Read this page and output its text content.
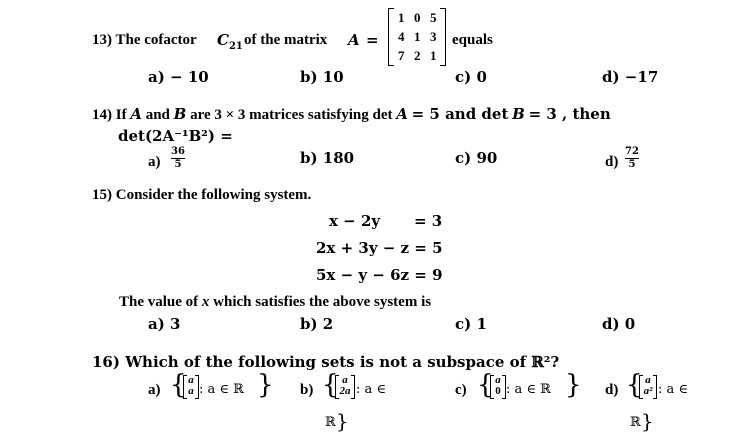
13) The cofactor $C_{21}$ of the matrix A =
1 0 5
4 1 3
7 2 1
equals
a) − 10	b) 10	c) 0	d) −17
14) If A and B are 3 × 3 matrices satisfying det A = 5 and det B = 3 , then
det(2A⁻¹B²) =
a)
36
5	b) 180	c) 90	d)
72
5
15) Consider the following system.
x − 2y = 3
2x + 3y − z = 5
5x − y − 6z = 9
The value of x which satisfies the above system is
a) 3	b) 2	c) 1	d) 0
16) Which of the following sets is not a subspace of ℝ²?
a) { a
a : a ∈ ℝ } b) { a
2a : a ∈
ℝ}
c) { a
0 : a ∈ ℝ } d) { a
a² : a ∈
ℝ}
